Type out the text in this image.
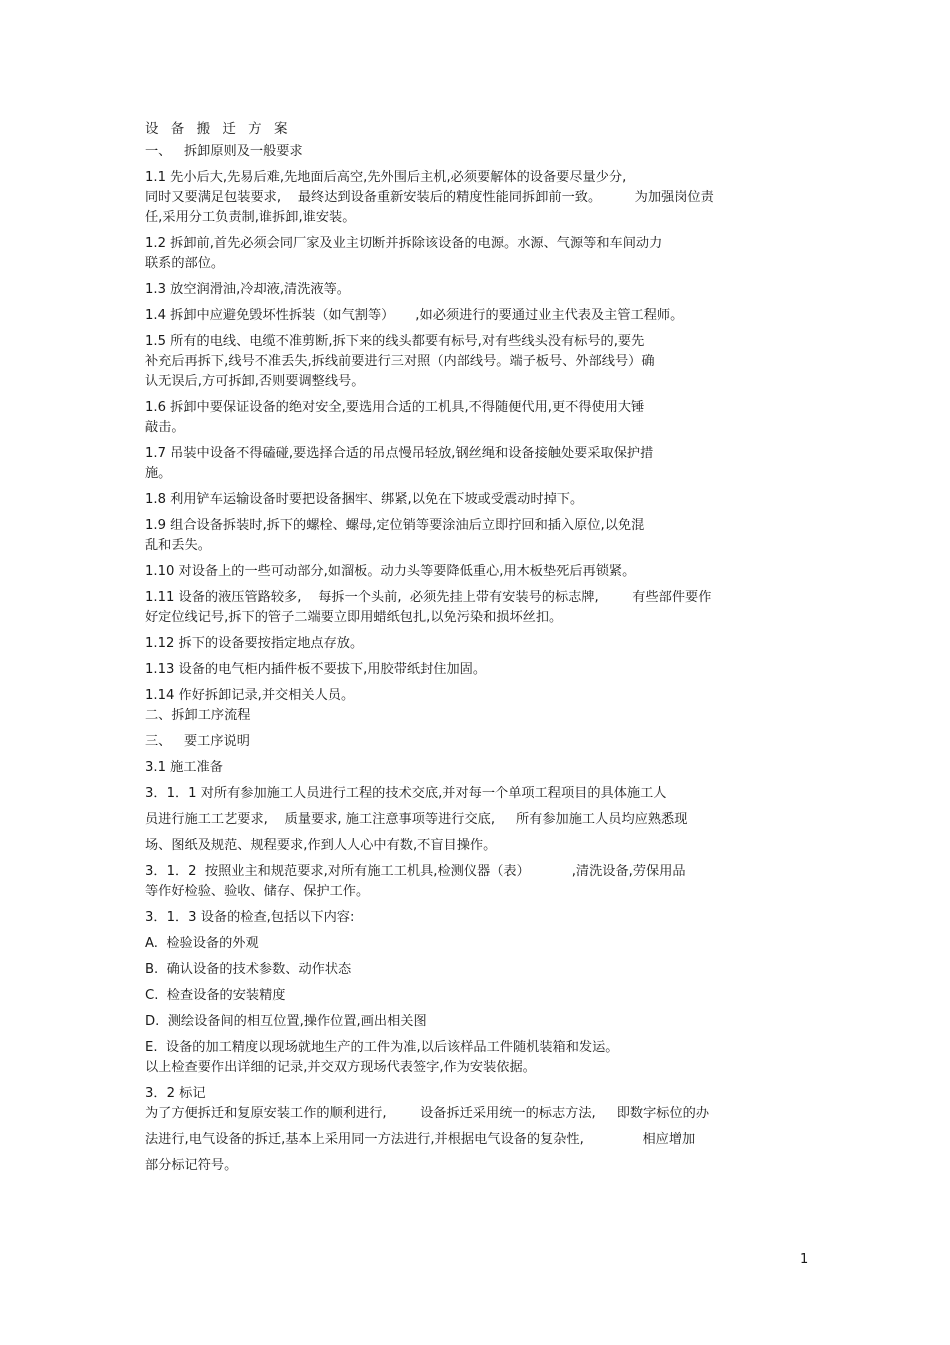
设 备 搬 迁 方 案
一、   拆卸原则及一般要求
1.1 先小后大,先易后难,先地面后高空,先外围后主机,必须要解体的设备要尽量少分,
同时又要满足包装要求,    最终达到设备重新安装后的精度性能同拆卸前一致。        为加强岗位责
任,采用分工负责制,谁拆卸,谁安装。
1.2 拆卸前,首先必须会同厂家及业主切断并拆除该设备的电源。水源、气源等和车间动力
联系的部位。
1.3 放空润滑油,冷却液,清洗液等。
1.4 拆卸中应避免毁坏性拆装（如气割等）     ,如必须进行的要通过业主代表及主管工程师。
1.5 所有的电线、电缆不准剪断,拆下来的线头都要有标号,对有些线头没有标号的,要先
补充后再拆下,线号不准丢失,拆线前要进行三对照（内部线号。端子板号、外部线号）确
认无误后,方可拆卸,否则要调整线号。
1.6 拆卸中要保证设备的绝对安全,要选用合适的工机具,不得随便代用,更不得使用大锤
敲击。
1.7 吊装中设备不得磕碰,要选择合适的吊点慢吊轻放,钢丝绳和设备接触处要采取保护措
施。
1.8 利用铲车运输设备时要把设备捆牢、绑紧,以免在下坡或受震动时掉下。
1.9 组合设备拆装时,拆下的螺栓、螺母,定位销等要涂油后立即拧回和插入原位,以免混
乱和丢失。
1.10 对设备上的一些可动部分,如溜板。动力头等要降低重心,用木板垫死后再锁紧。
1.11 设备的液压管路较多,    每拆一个头前,  必须先挂上带有安装号的标志牌,        有些部件要作
好定位线记号,拆下的管子二端要立即用蜡纸包扎,以免污染和损坏丝扣。
1.12 拆下的设备要按指定地点存放。
1.13 设备的电气柜内插件板不要拔下,用胶带纸封住加固。
1.14 作好拆卸记录,并交相关人员。
二、拆卸工序流程
三、   要工序说明
3.1 施工准备
3．1．1 对所有参加施工人员进行工程的技术交底,并对每一个单项工程项目的具体施工人
员进行施工工艺要求,    质量要求, 施工注意事项等进行交底,     所有参加施工人员均应熟悉现
场、图纸及规范、规程要求,作到人人心中有数,不盲目操作。
3．1．2  按照业主和规范要求,对所有施工工机具,检测仪器（表）          ,清洗设备,劳保用品
等作好检验、验收、储存、保护工作。
3．1．3 设备的检查,包括以下内容:
A.  检验设备的外观
B.  确认设备的技术参数、动作状态
C.  检查设备的安装精度
D.  测绘设备间的相互位置,操作位置,画出相关图
E.  设备的加工精度以现场就地生产的工件为准,以后该样品工件随机装箱和发运。
以上检查要作出详细的记录,并交双方现场代表签字,作为安装依据。
3．2 标记
为了方便拆迁和复原安装工作的顺利进行,        设备拆迁采用统一的标志方法,     即数字标位的办
法进行,电气设备的拆迁,基本上采用同一方法进行,并根据电气设备的复杂性,              相应增加
部分标记符号。
1
